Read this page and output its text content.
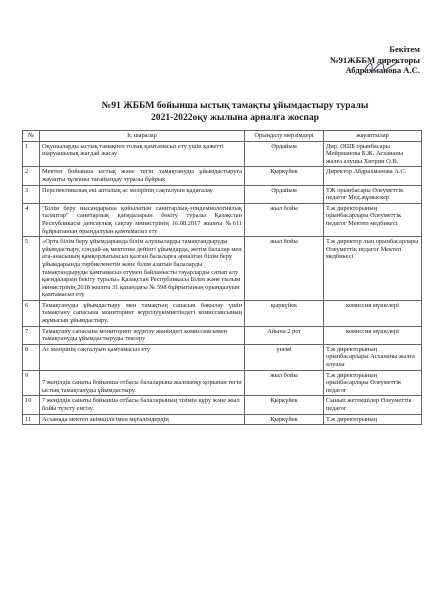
Бекітем
№91ЖББМ директоры
Абдрахманова А.С.
№91 ЖББМ бойынша ыстық тамақты ұйымдастыру туралы
2021-2022оқу жылына арналға жоспар
№	Іс шаралар	Орындалу мерзімдері	жауаптылар
1	Оқушыларды ыстық тамақпен толық қамтамасыз ету үшін қажетті шаруашылық жағдай жасау	Әрдайым	Дир. ӘШБ орынбасары Мейрманова Б.Ж. Асхананы жалға алушы Хитрин О.В.
2	Мектеп бойынша ыстық және тегін тамақтануды ұйымдастыруға жауапты тұлғаны тағайындау туралы бұйрық	Қыркүйек	Директор Абдрахманова А.С.
3	Перспективалық екі апталық ас мәзірінің сақталуын қадағалау	Әрдайым	ТЖ орынбасары Өлеуметтік педагог Мед.жұмыскер
4	"Білім беру нысандарына қойылатын санитарлық-эпидемиологиялық талаптар" санитарлық қағидаларын бекіту туралы Қазақстан Республикасы денсаулық сақтау министрінің 16.08.2017 жылғы №611 бұйрығының орындалуын қамтамасыз ету	жыл бойы	Т.ж директорының орынбасарлары Өлеуметтік педагог Мектеп медбикесі
5	«Орта білім беру ұйымдарында білім алушыларды тамақтандыруды ұйымдастыру, сондай-ақ мектепке дейінгі ұйымдарда, жетім балалар мен ата-анасының қамқорлығынсыз қалған балаларға арналған білім беру ұйымдарында тәрбиеленетін және білім алатын балаларды тамақтандыруды қамтамасыз етумен байланысты тауарларды сатып алу қағидаларын бекіту туралы» Қазақстан Республикасы Білім және ғылым министрінің 2018 жылғы 31 қазандағы № 598 бұйрығының орындалуын қамтамасыз ету	жыл бойы	Т.ж директор лын орынбасарлары Өлеуметтік педагог Мектеп медбикесі
6	Тамақтануды ұйымдастыру мен тамақтың сапасын бақылау үшін тамақтану сапасына мониторинг жүргізуүкімиетіндегі комиссиясының жұмысын ұйымдастыру.	қыркүйек	комиссия мүшелері
7	Тамақтану сапасына мониторинг жүргізу жөніндегі комиссиясымен тамақтануды ұйымдастыруды тексеру	Айына 2 рет	комиссия мүшелері
8	Ас мәзірінің сақталуын қамтамасыз ету	үнемі	Т.ж директорының орынбасарлары Асхананы жалға алушы
9	7 жеңілдік санаты бойынша отбасы балаларына жалпыоқу қорынан тегін ыстық тамақтануды ұйымдастыру.	жыл бойы	Т.ж директорының орынбасарлары Өлеуметтік педагог
10	7 жеңілдік санаты бойынша отбасы балаларының тізімін құру және жыл бойы түзету енгізу.	Қыркүйек	Сынып жетекшілер Өлеуметтік педагог
11	Асханада мектеп әкімшілігімен мұғалімдердің	Қыркүйек	Т.ж директорының
